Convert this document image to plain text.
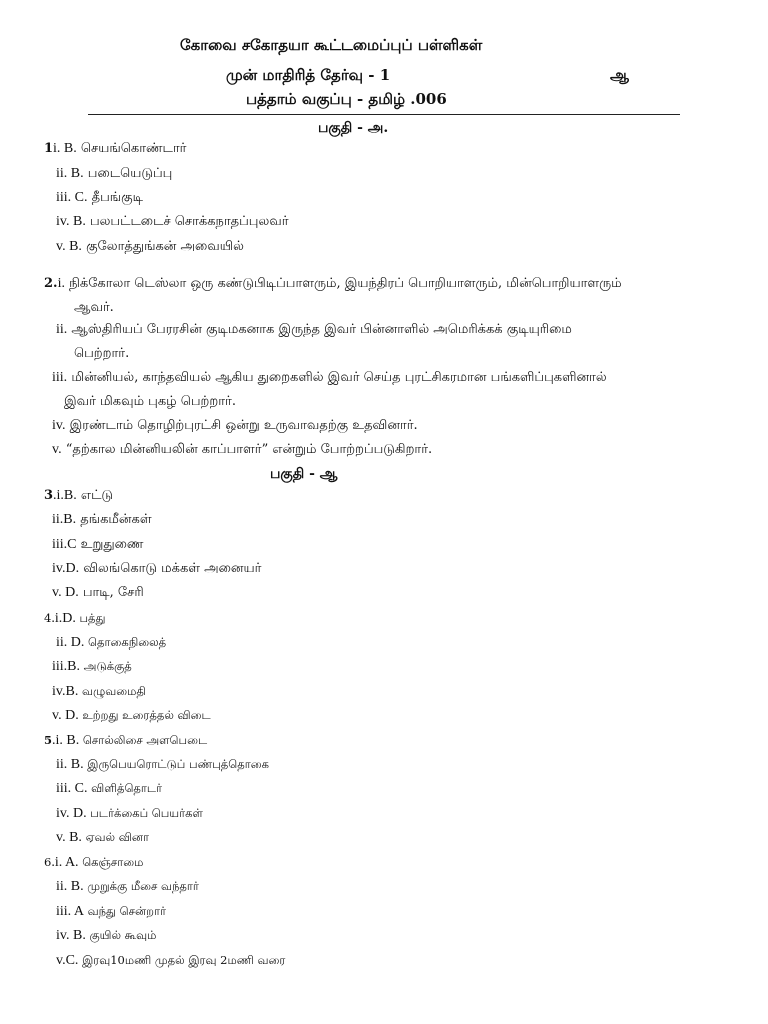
கோவை சகோதயா கூட்டமைப்புப் பள்ளிகள்
முன் மாதிரித் தேர்வு - 1	ஆ
பத்தாம் வகுப்பு - தமிழ் .006
பகுதி - அ.
1i. B. செயங்கொண்டார்
ii. B. படையெடுப்பு
iii. C. தீபங்குடி
iv. B. பலபட்டடைச் சொக்கநாதப்புலவர்
v. B. குலோத்துங்கன் அவையில்
2.i. நிக்கோலா டெஸ்லா ஒரு கண்டுபிடிப்பாளரும், இயந்திரப் பொறியாளரும், மின்பொறியாளரும்
ஆவர்.
ii. ஆஸ்திரியப் பேரரசின் குடிமகனாக இருந்த இவர் பின்னாளில் அமெரிக்கக் குடியுரிமை
பெற்றார்.
iii. மின்னியல், காந்தவியல் ஆகிய துறைகளில் இவர் செய்த புரட்சிகரமான பங்களிப்புகளினால்
இவர் மிகவும் புகழ் பெற்றார்.
iv. இரண்டாம் தொழிற்புரட்சி ஒன்று உருவாவதற்கு உதவினார்.
v. “தற்கால மின்னியலின் காப்பாளர்” என்றும் போற்றப்படுகிறார்.
பகுதி - ஆ
3.i.B. எட்டு
ii.B. தங்கமீன்கள்
iii.C உறுதுணை
iv.D. விலங்கொடு மக்கள் அனையர்
v. D. பாடி, சேரி
4.i.D. பத்து
ii. D. தொகைநிலைத்
iii.B. அடுக்குத்
iv.B. வழுவமைதி
v. D. உற்றது உரைத்தல் விடை
5.i. B. சொல்லிசை அளபெடை
ii. B. இருபெயரொட்டுப் பண்புத்தொகை
iii. C. விளித்தொடர்
iv. D. படர்க்கைப் பெயர்கள்
v. B. ஏவல் வினா
6.i. A. கெஞ்சாமை
ii. B. முறுக்கு மீசை வந்தார்
iii. A வந்து சென்றார்
iv. B. குயில் கூவும்
v.C. இரவு10மணி முதல் இரவு 2மணி வரை
